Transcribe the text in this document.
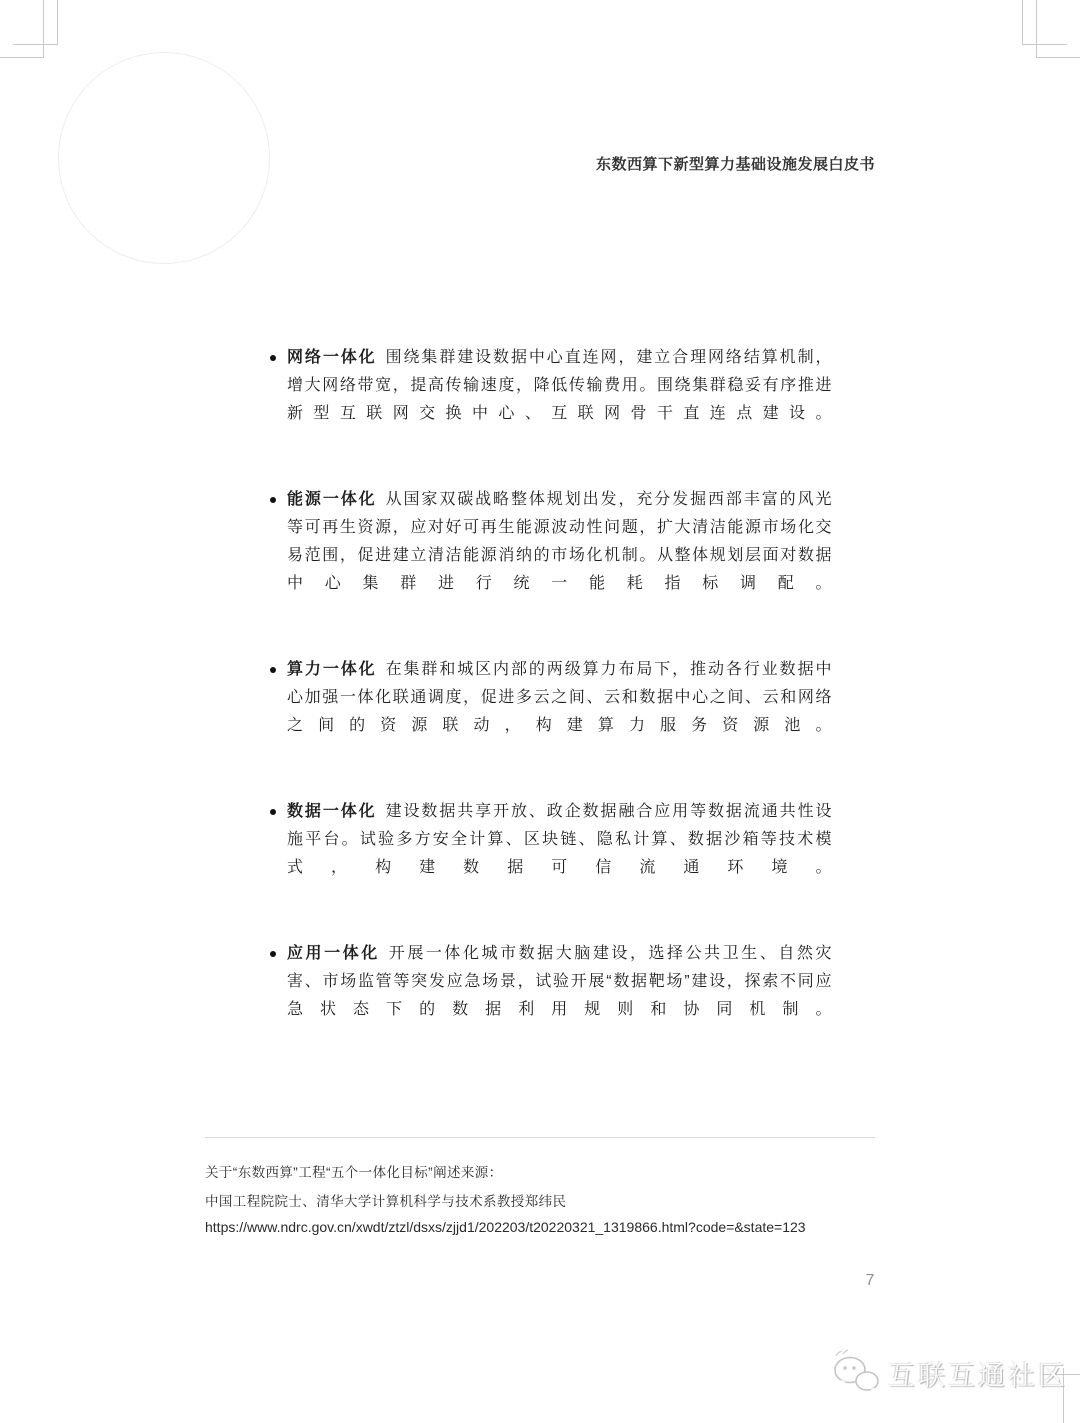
东数西算下新型算力基础设施发展白皮书
网络一体化 围绕集群建设数据中心直连网，建立合理网络结算机制，增大网络带宽，提高传输速度，降低传输费用。围绕集群稳妥有序推进新型互联网交换中心、互联网骨干直连点建设。
能源一体化 从国家双碳战略整体规划出发，充分发掘西部丰富的风光等可再生资源，应对好可再生能源波动性问题，扩大清洁能源市场化交易范围，促进建立清洁能源消纳的市场化机制。从整体规划层面对数据中心集群进行统一能耗指标调配。
算力一体化 在集群和城区内部的两级算力布局下，推动各行业数据中心加强一体化联通调度，促进多云之间、云和数据中心之间、云和网络之间的资源联动，构建算力服务资源池。
数据一体化 建设数据共享开放、政企数据融合应用等数据流通共性设施平台。试验多方安全计算、区块链、隐私计算、数据沙箱等技术模式，构建数据可信流通环境。
应用一体化 开展一体化城市数据大脑建设，选择公共卫生、自然灾害、市场监管等突发应急场景，试验开展“数据靶场”建设，探索不同应急状态下的数据利用规则和协同机制。
关于“东数西算”工程“五个一体化目标”阐述来源：
中国工程院院士、清华大学计算机科学与技术系教授郑纬民
https://www.ndrc.gov.cn/xwdt/ztzl/dsxs/zjjd1/202203/t20220321_1319866.html?code=&state=123
7
互联互通社区
